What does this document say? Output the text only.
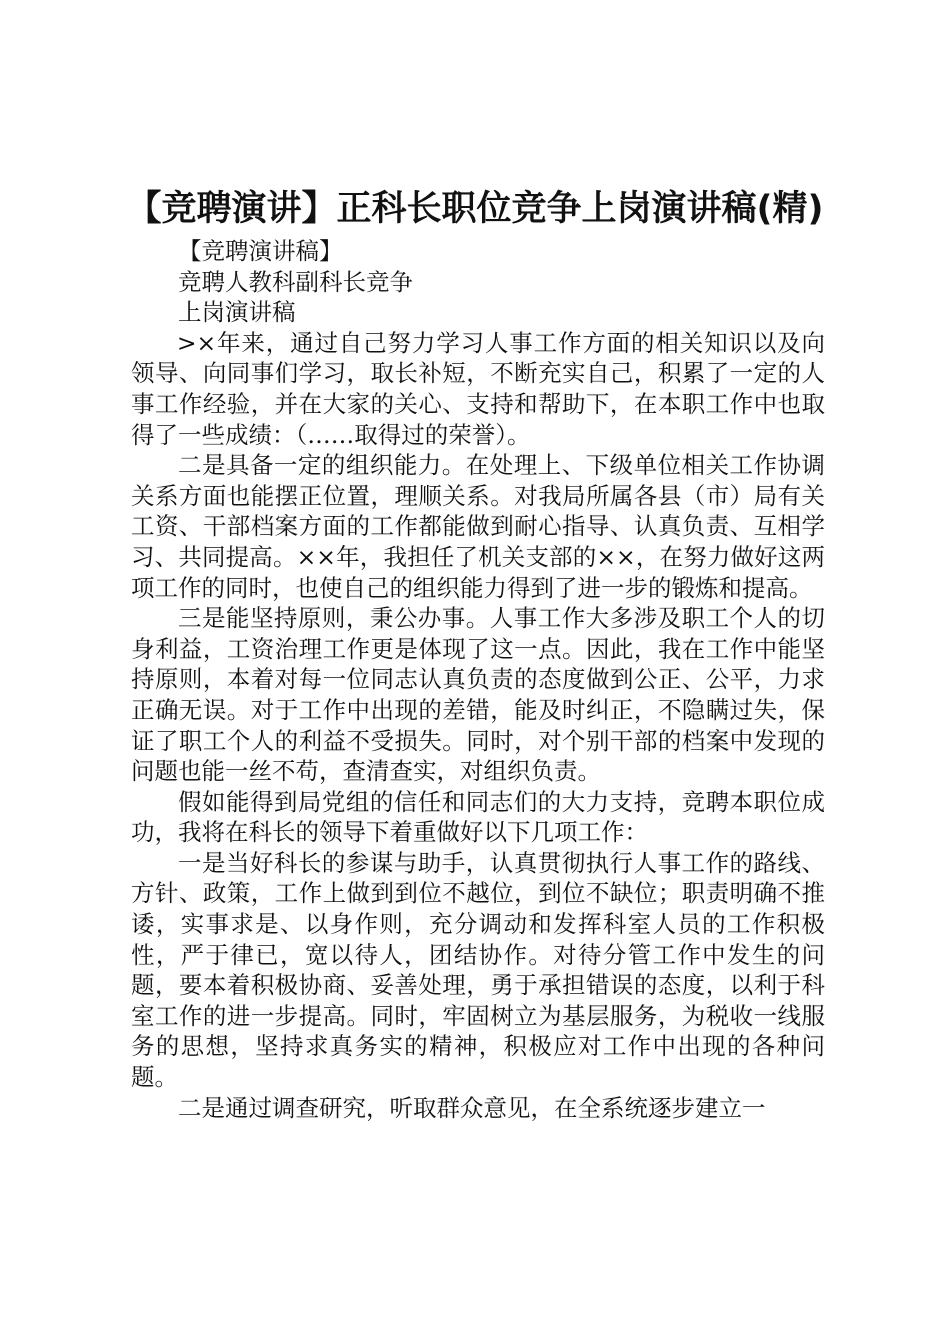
【竞聘演讲】正科长职位竞争上岗演讲稿(精)

【竞聘演讲稿】

竞聘人教科副科长竞争

上岗演讲稿

>×年来，通过自己努力学习人事工作方面的相关知识以及向领导、向同事们学习，取长补短，不断充实自己，积累了一定的人事工作经验，并在大家的关心、支持和帮助下，在本职工作中也取得了一些成绩：（……取得过的荣誉）。

二是具备一定的组织能力。在处理上、下级单位相关工作协调关系方面也能摆正位置，理顺关系。对我局所属各县（市）局有关工资、干部档案方面的工作都能做到耐心指导、认真负责、互相学习、共同提高。××年，我担任了机关支部的××，在努力做好这两项工作的同时，也使自己的组织能力得到了进一步的锻炼和提高。

三是能坚持原则，秉公办事。人事工作大多涉及职工个人的切身利益，工资治理工作更是体现了这一点。因此，我在工作中能坚持原则，本着对每一位同志认真负责的态度做到公正、公平，力求正确无误。对于工作中出现的差错，能及时纠正，不隐瞒过失，保证了职工个人的利益不受损失。同时，对个别干部的档案中发现的问题也能一丝不苟，查清查实，对组织负责。

假如能得到局党组的信任和同志们的大力支持，竞聘本职位成功，我将在科长的领导下着重做好以下几项工作：

一是当好科长的参谋与助手，认真贯彻执行人事工作的路线、方针、政策，工作上做到到位不越位，到位不缺位；职责明确不推诿，实事求是、以身作则，充分调动和发挥科室人员的工作积极性，严于律已，宽以待人，团结协作。对待分管工作中发生的问题，要本着积极协商、妥善处理，勇于承担错误的态度，以利于科室工作的进一步提高。同时，牢固树立为基层服务，为税收一线服务的思想，坚持求真务实的精神，积极应对工作中出现的各种问题。

二是通过调查研究，听取群众意见，在全系统逐步建立一
